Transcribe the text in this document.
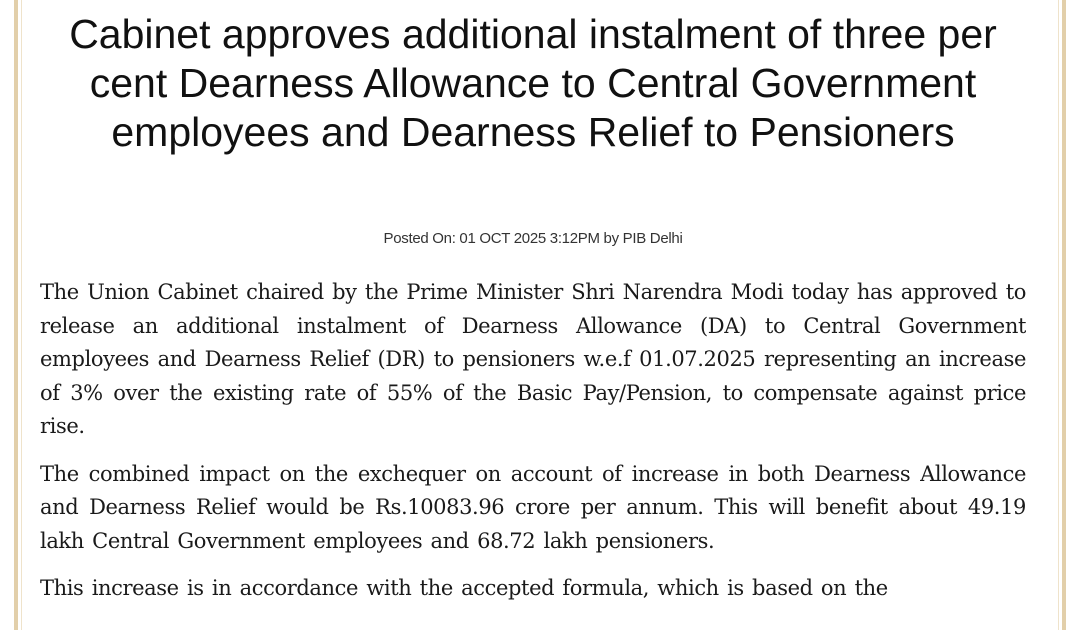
Cabinet approves additional instalment of three per cent Dearness Allowance to Central Government employees and Dearness Relief to Pensioners
Posted On: 01 OCT 2025 3:12PM by PIB Delhi

The Union Cabinet chaired by the Prime Minister Shri Narendra Modi today has approved to release an additional instalment of Dearness Allowance (DA) to Central Government employees and Dearness Relief (DR) to pensioners w.e.f 01.07.2025 representing an increase of 3% over the existing rate of 55% of the Basic Pay/Pension, to compensate against price rise.

The combined impact on the exchequer on account of increase in both Dearness Allowance and Dearness Relief would be Rs.10083.96 crore per annum. This will benefit about 49.19 lakh Central Government employees and 68.72 lakh pensioners.

This increase is in accordance with the accepted formula, which is based on the
